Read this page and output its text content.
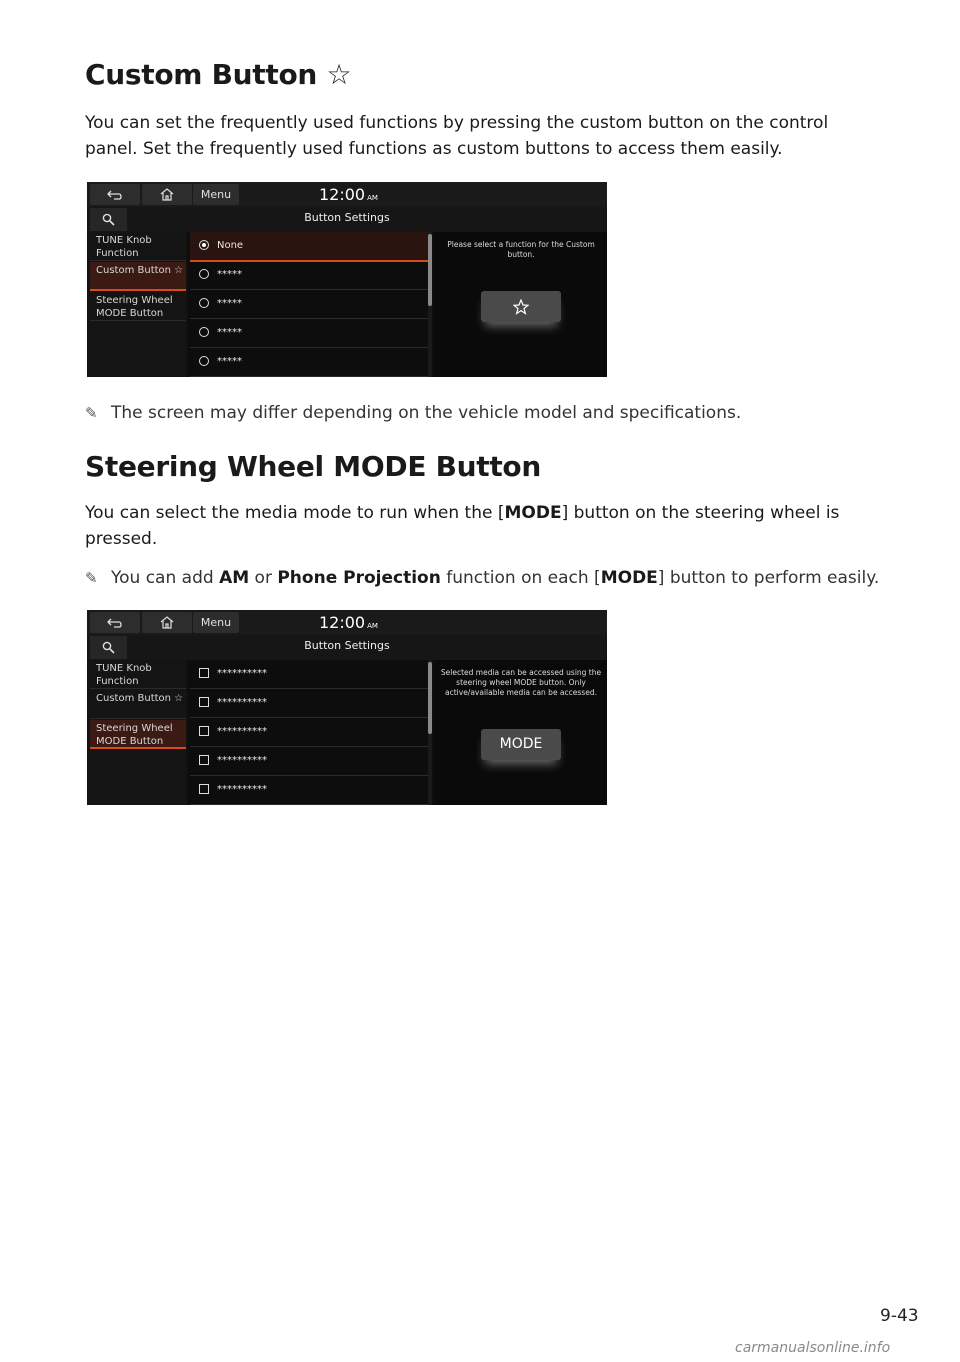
Custom Button ☆

You can set the frequently used functions by pressing the custom button on the control panel. Set the frequently used functions as custom buttons to access them easily.

Menu	12:00 AM
Button Settings
TUNE Knob Function
Custom Button ☆
Steering Wheel MODE Button
None
*****
*****
*****
*****
Please select a function for the Custom button.
✎ The screen may differ depending on the vehicle model and specifications.
Steering Wheel MODE Button

You can select the media mode to run when the [MODE] button on the steering wheel is pressed.

✎ You can add AM or Phone Projection function on each [MODE] button to perform easily.
Menu	12:00 AM
Button Settings
TUNE Knob Function
Custom Button ☆
Steering Wheel MODE Button
**********
**********
**********
**********
**********
Selected media can be accessed using the steering wheel MODE button. Only active/available media can be accessed.
MODE
9-43
carmanualsonline.info
